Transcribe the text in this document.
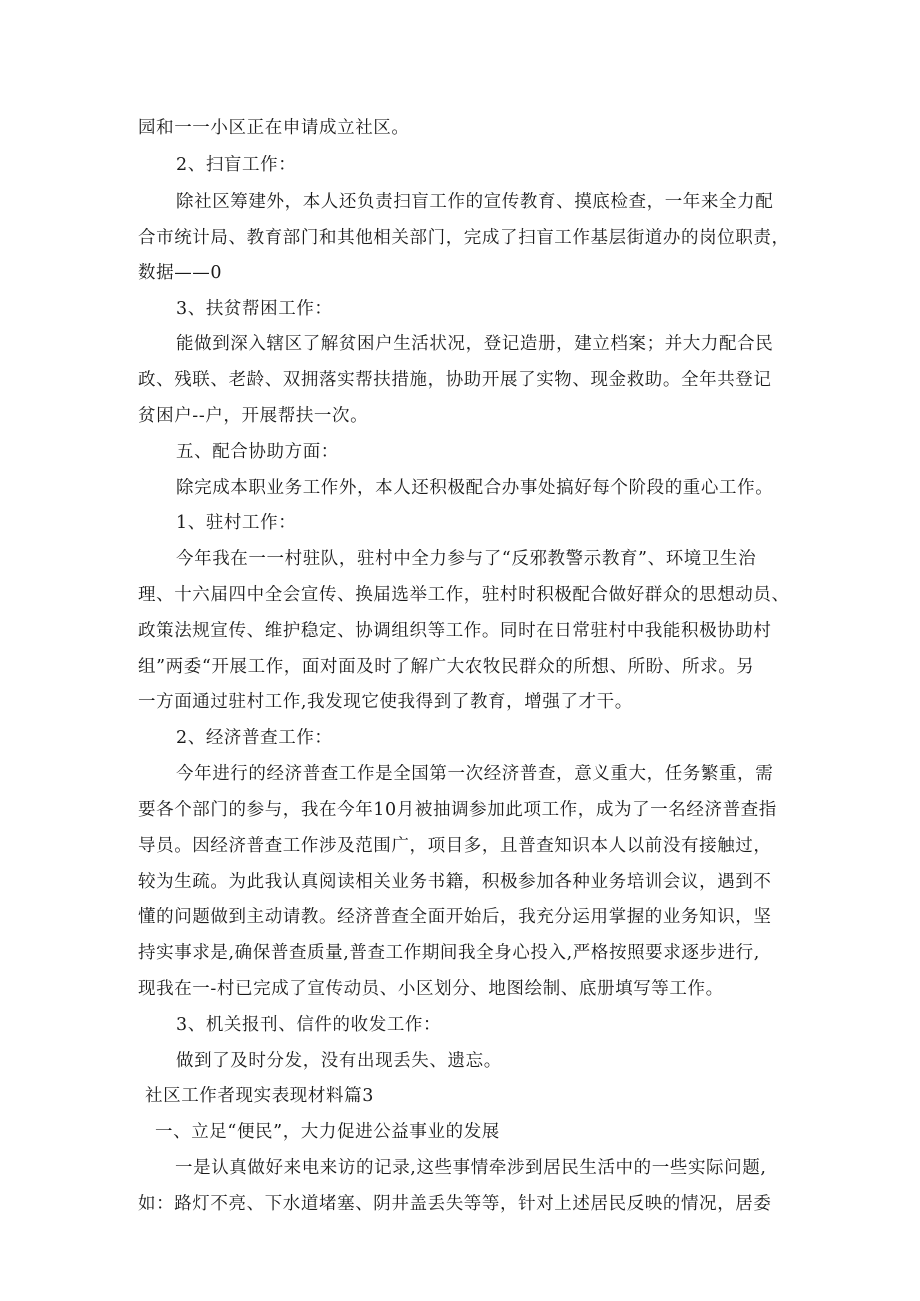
园和一一小区正在申请成立社区。
2、扫盲工作：
除社区筹建外，本人还负责扫盲工作的宣传教育、摸底检查，一年来全力配
合市统计局、教育部门和其他相关部门，完成了扫盲工作基层街道办的岗位职责，
数据——0
3、扶贫帮困工作：
能做到深入辖区了解贫困户生活状况，登记造册，建立档案；并大力配合民
政、残联、老龄、双拥落实帮扶措施，协助开展了实物、现金救助。全年共登记
贫困户--户，开展帮扶一次。
五、配合协助方面：
除完成本职业务工作外，本人还积极配合办事处搞好每个阶段的重心工作。
1、驻村工作：
今年我在一一村驻队，驻村中全力参与了“反邪教警示教育”、环境卫生治
理、十六届四中全会宣传、换届选举工作，驻村时积极配合做好群众的思想动员、
政策法规宣传、维护稳定、协调组织等工作。同时在日常驻村中我能积极协助村
组”两委“开展工作，面对面及时了解广大农牧民群众的所想、所盼、所求。另
一方面通过驻村工作,我发现它使我得到了教育，增强了才干。
2、经济普查工作：
今年进行的经济普查工作是全国第一次经济普查，意义重大，任务繁重，需
要各个部门的参与，我在今年10月被抽调参加此项工作，成为了一名经济普查指
导员。因经济普查工作涉及范围广，项目多，且普查知识本人以前没有接触过，
较为生疏。为此我认真阅读相关业务书籍，积极参加各种业务培训会议，遇到不
懂的问题做到主动请教。经济普查全面开始后，我充分运用掌握的业务知识，坚
持实事求是,确保普查质量,普查工作期间我全身心投入,严格按照要求逐步进行,
现我在一-村已完成了宣传动员、小区划分、地图绘制、底册填写等工作。
3、机关报刊、信件的收发工作：
做到了及时分发，没有出现丢失、遗忘。
社区工作者现实表现材料篇3
一、立足“便民”，大力促进公益事业的发展
一是认真做好来电来访的记录,这些事情牵涉到居民生活中的一些实际问题,
如：路灯不亮、下水道堵塞、阴井盖丢失等等，针对上述居民反映的情况，居委
